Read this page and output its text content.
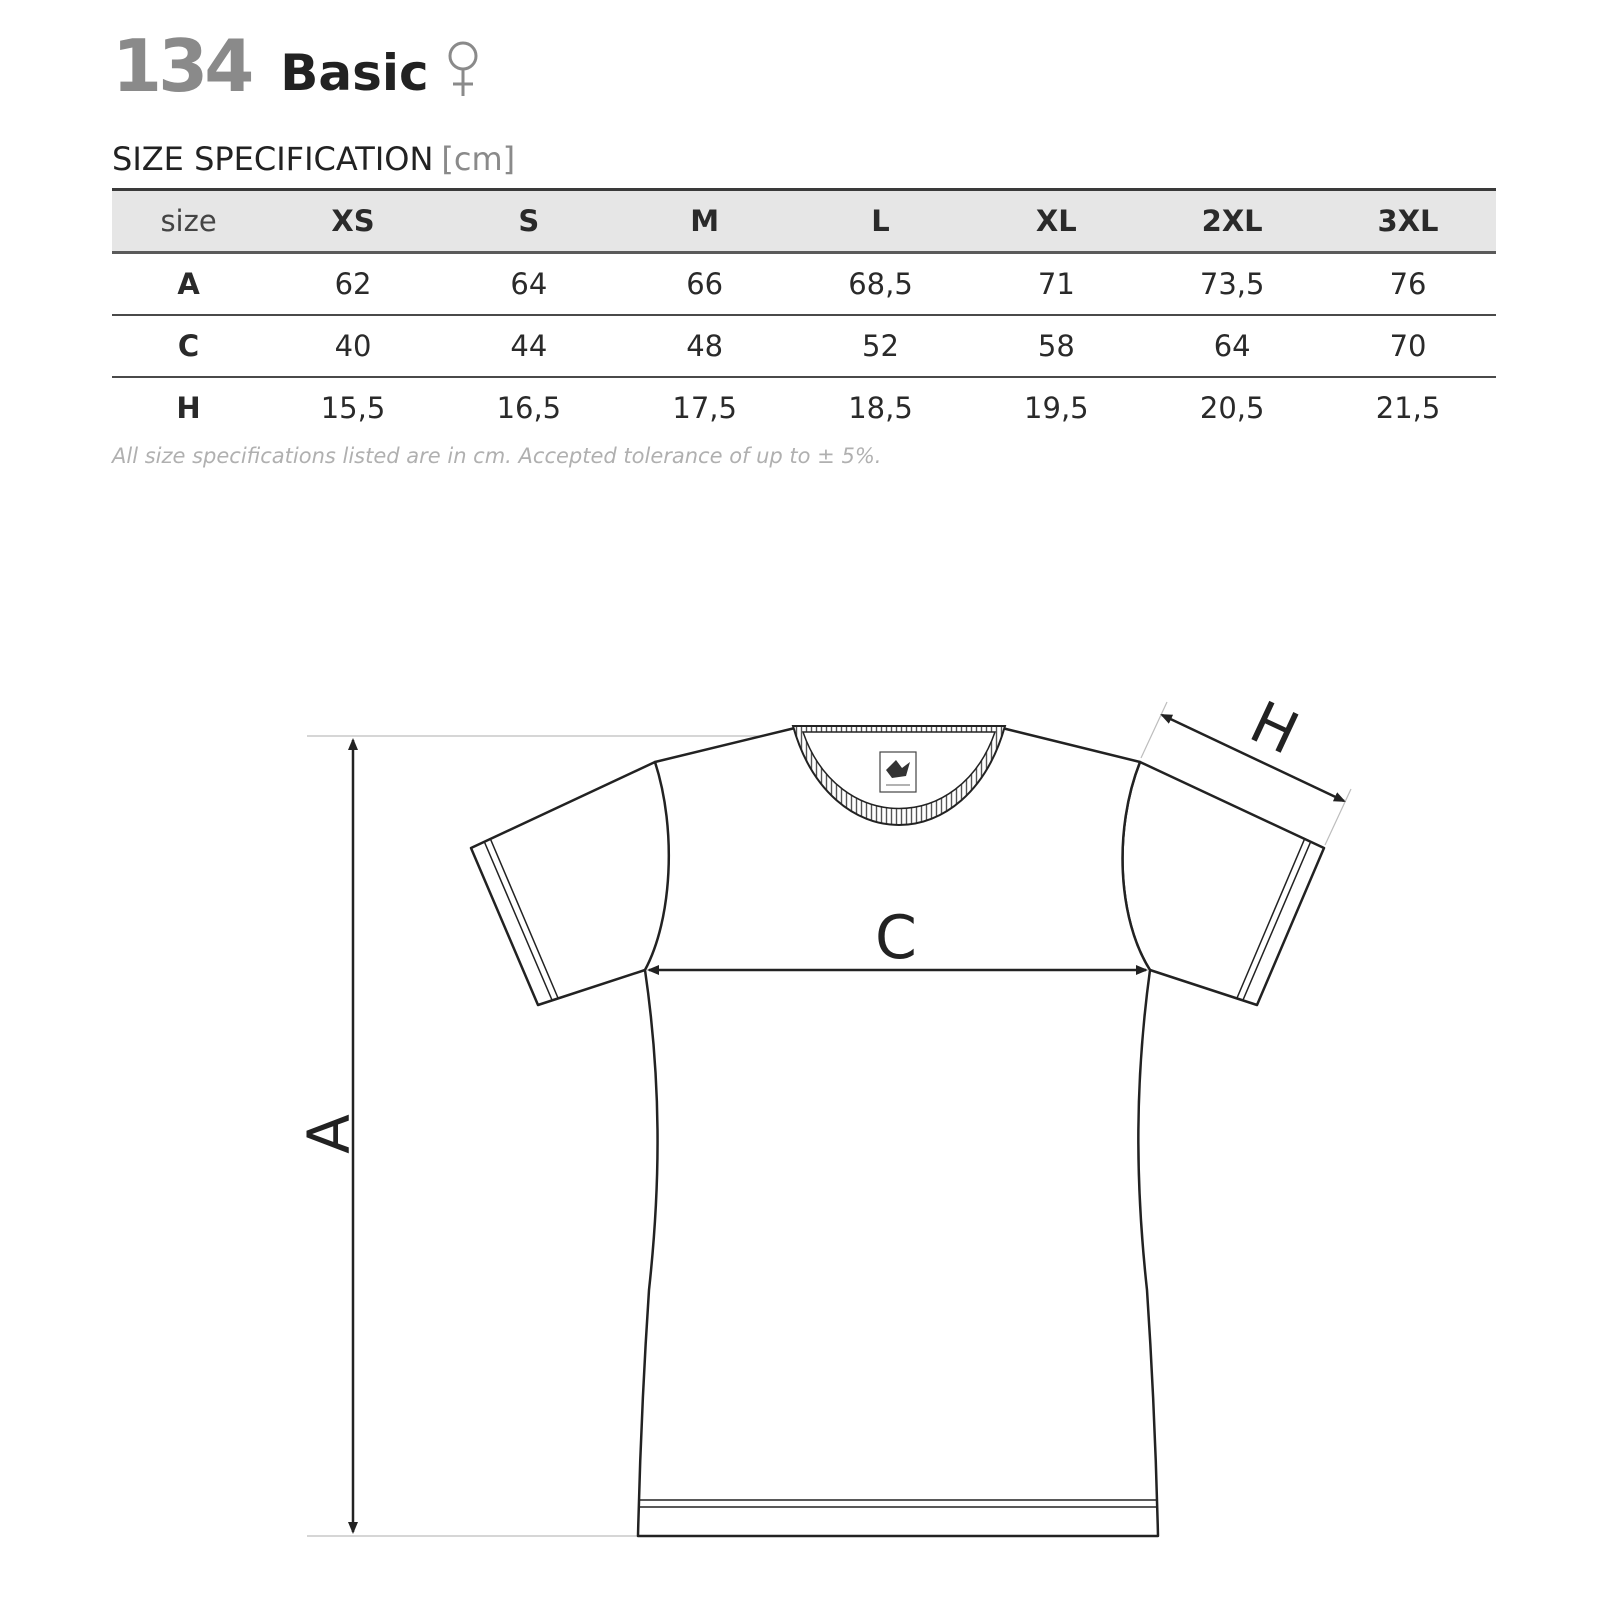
134 Basic
SIZE SPECIFICATION [cm]
size	XS	S	M	L	XL	2XL	3XL
A	62	64	66	68,5	71	73,5	76
C	40	44	48	52	58	64	70
H	15,5	16,5	17,5	18,5	19,5	20,5	21,5
All size specifications listed are in cm. Accepted tolerance of up to ± 5%.
A
C
H
